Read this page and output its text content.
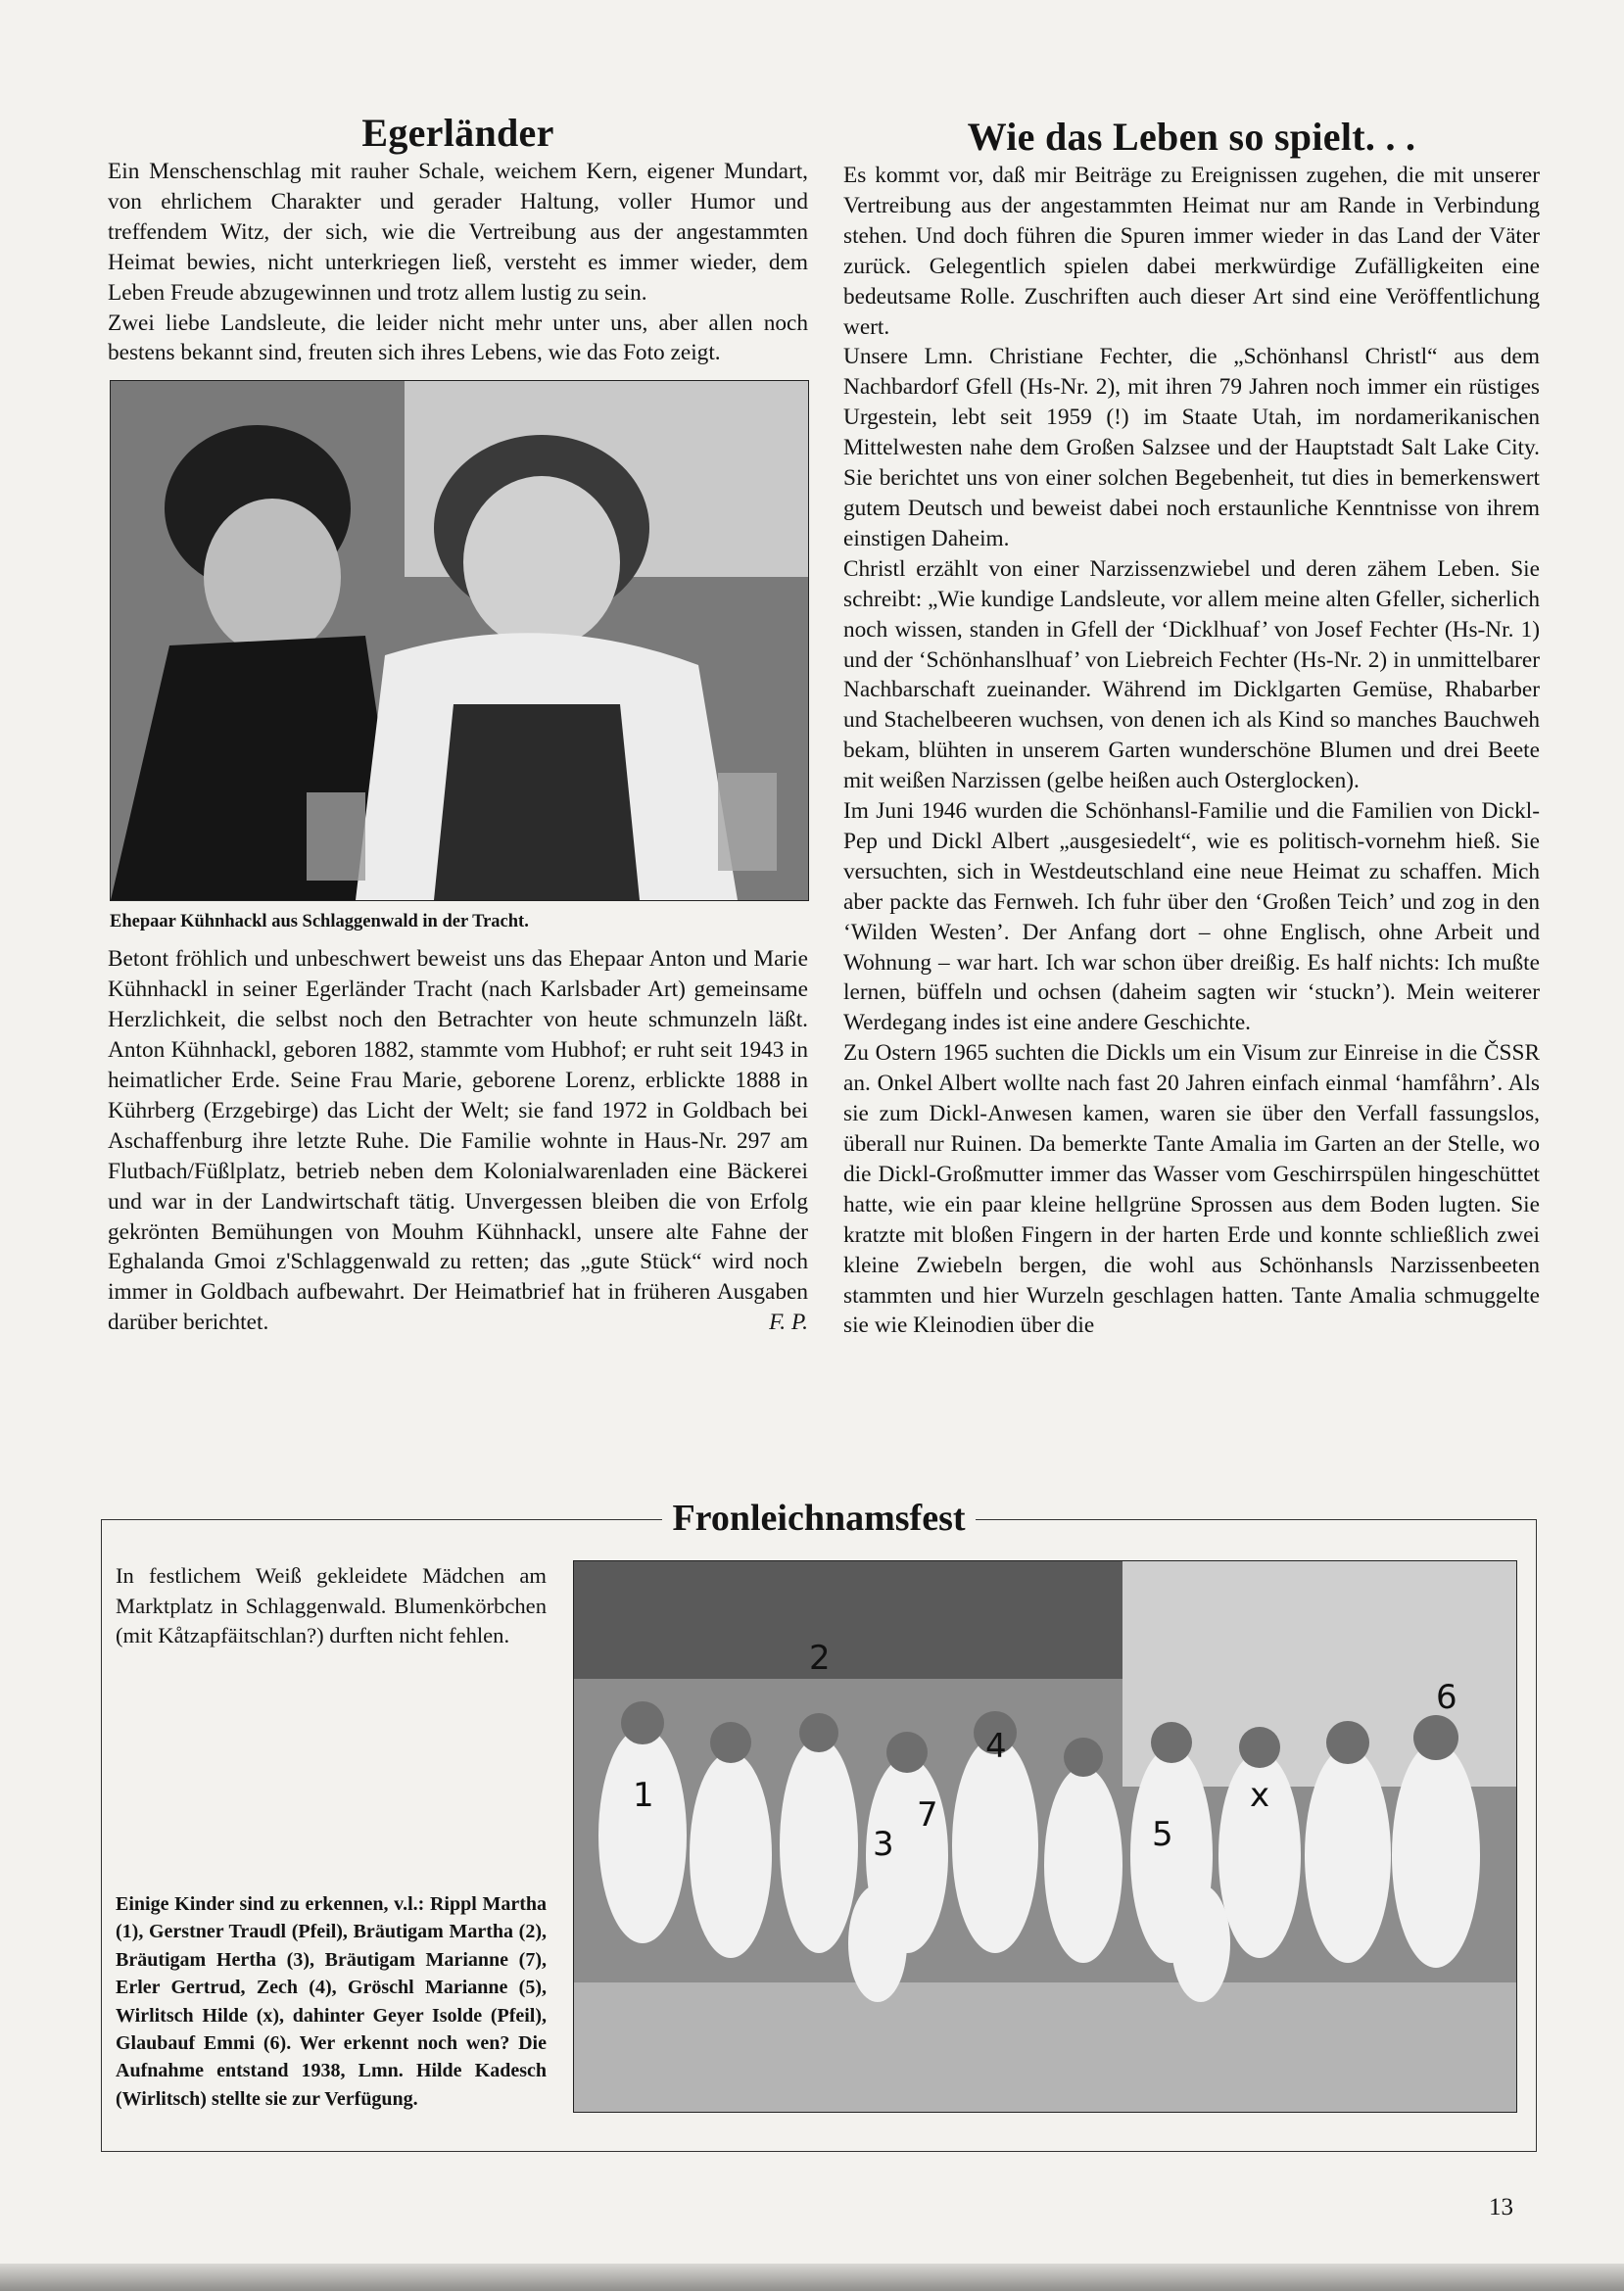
Egerländer

Ein Menschenschlag mit rauher Schale, weichem Kern, eigener Mundart, von ehrlichem Charakter und gerader Haltung, voller Humor und treffendem Witz, der sich, wie die Vertreibung aus der angestammten Heimat bewies, nicht unterkriegen ließ, versteht es immer wieder, dem Leben Freude abzugewinnen und trotz allem lustig zu sein.

Zwei liebe Landsleute, die leider nicht mehr unter uns, aber allen noch bestens bekannt sind, freuten sich ihres Lebens, wie das Foto zeigt.

Ehepaar Kühnhackl aus Schlaggenwald in der Tracht.

Betont fröhlich und unbeschwert beweist uns das Ehepaar Anton und Marie Kühnhackl in seiner Egerländer Tracht (nach Karlsbader Art) gemeinsame Herzlichkeit, die selbst noch den Betrachter von heute schmunzeln läßt. Anton Kühnhackl, geboren 1882, stammte vom Hubhof; er ruht seit 1943 in heimatlicher Erde. Seine Frau Marie, geborene Lorenz, erblickte 1888 in Kührberg (Erzgebirge) das Licht der Welt; sie fand 1972 in Goldbach bei Aschaffenburg ihre letzte Ruhe. Die Familie wohnte in Haus-Nr. 297 am Flutbach/Füßlplatz, betrieb neben dem Kolonialwarenladen eine Bäckerei und war in der Landwirtschaft tätig. Unvergessen bleiben die von Erfolg gekrönten Bemühungen von Mouhm Kühnhackl, unsere alte Fahne der Eghalanda Gmoi z'Schlaggenwald zu retten; das „gute Stück“ wird noch immer in Goldbach aufbewahrt. Der Heimatbrief hat in früheren Ausgaben darüber berichtet.	F. P.

Wie das Leben so spielt. . .

Es kommt vor, daß mir Beiträge zu Ereignissen zugehen, die mit unserer Vertreibung aus der angestammten Heimat nur am Rande in Verbindung stehen. Und doch führen die Spuren immer wieder in das Land der Väter zurück. Gelegentlich spielen dabei merkwürdige Zufälligkeiten eine bedeutsame Rolle. Zuschriften auch dieser Art sind eine Veröffentlichung wert.

Unsere Lmn. Christiane Fechter, die „Schönhansl Christl“ aus dem Nachbardorf Gfell (Hs-Nr. 2), mit ihren 79 Jahren noch immer ein rüstiges Urgestein, lebt seit 1959 (!) im Staate Utah, im nordamerikanischen Mittelwesten nahe dem Großen Salzsee und der Hauptstadt Salt Lake City. Sie berichtet uns von einer solchen Begebenheit, tut dies in bemerkenswert gutem Deutsch und beweist dabei noch erstaunliche Kenntnisse von ihrem einstigen Daheim.

Christl erzählt von einer Narzissenzwiebel und deren zähem Leben. Sie schreibt: „Wie kundige Landsleute, vor allem meine alten Gfeller, sicherlich noch wissen, standen in Gfell der ‘Dicklhuaf’ von Josef Fechter (Hs-Nr. 1) und der ‘Schönhanslhuaf’ von Liebreich Fechter (Hs-Nr. 2) in unmittelbarer Nachbarschaft zueinander. Während im Dicklgarten Gemüse, Rhabarber und Stachelbeeren wuchsen, von denen ich als Kind so manches Bauchweh bekam, blühten in unserem Garten wunderschöne Blumen und drei Beete mit weißen Narzissen (gelbe heißen auch Osterglocken).

Im Juni 1946 wurden die Schönhansl-Familie und die Familien von Dickl-Pep und Dickl Albert „ausgesiedelt“, wie es politisch-vornehm hieß. Sie versuchten, sich in Westdeutschland eine neue Heimat zu schaffen. Mich aber packte das Fernweh. Ich fuhr über den ‘Großen Teich’ und zog in den ‘Wilden Westen’. Der Anfang dort – ohne Englisch, ohne Arbeit und Wohnung – war hart. Ich war schon über dreißig. Es half nichts: Ich mußte lernen, büffeln und ochsen (daheim sagten wir ‘stuckn’). Mein weiterer Werdegang indes ist eine andere Geschichte.

Zu Ostern 1965 suchten die Dickls um ein Visum zur Einreise in die ČSSR an. Onkel Albert wollte nach fast 20 Jahren einfach einmal ‘hamfåhrn’. Als sie zum Dickl-Anwesen kamen, waren sie über den Verfall fassungslos, überall nur Ruinen. Da bemerkte Tante Amalia im Garten an der Stelle, wo die Dickl-Großmutter immer das Wasser vom Geschirrspülen hingeschüttet hatte, wie ein paar kleine hellgrüne Sprossen aus dem Boden lugten. Sie kratzte mit bloßen Fingern in der harten Erde und konnte schließlich zwei kleine Zwiebeln bergen, die wohl aus Schönhansls Narzissenbeeten stammten und hier Wurzeln geschlagen hatten. Tante Amalia schmuggelte sie wie Kleinodien über die

Fronleichnamsfest

In festlichem Weiß gekleidete Mädchen am Marktplatz in Schlaggenwald. Blumenkörbchen (mit Kåtzapfäitschlan?) durften nicht fehlen.

Einige Kinder sind zu erkennen, v.l.: Rippl Martha (1), Gerstner Traudl (Pfeil), Bräutigam Martha (2), Bräutigam Hertha (3), Bräutigam Marianne (7), Erler Gertrud, Zech (4), Gröschl Marianne (5), Wirlitsch Hilde (x), dahinter Geyer Isolde (Pfeil), Glaubauf Emmi (6). Wer erkennt noch wen? Die Aufnahme entstand 1938, Lmn. Hilde Kadesch (Wirlitsch) stellte sie zur Verfügung.

1
2
3
4
5
6
7	x
13
